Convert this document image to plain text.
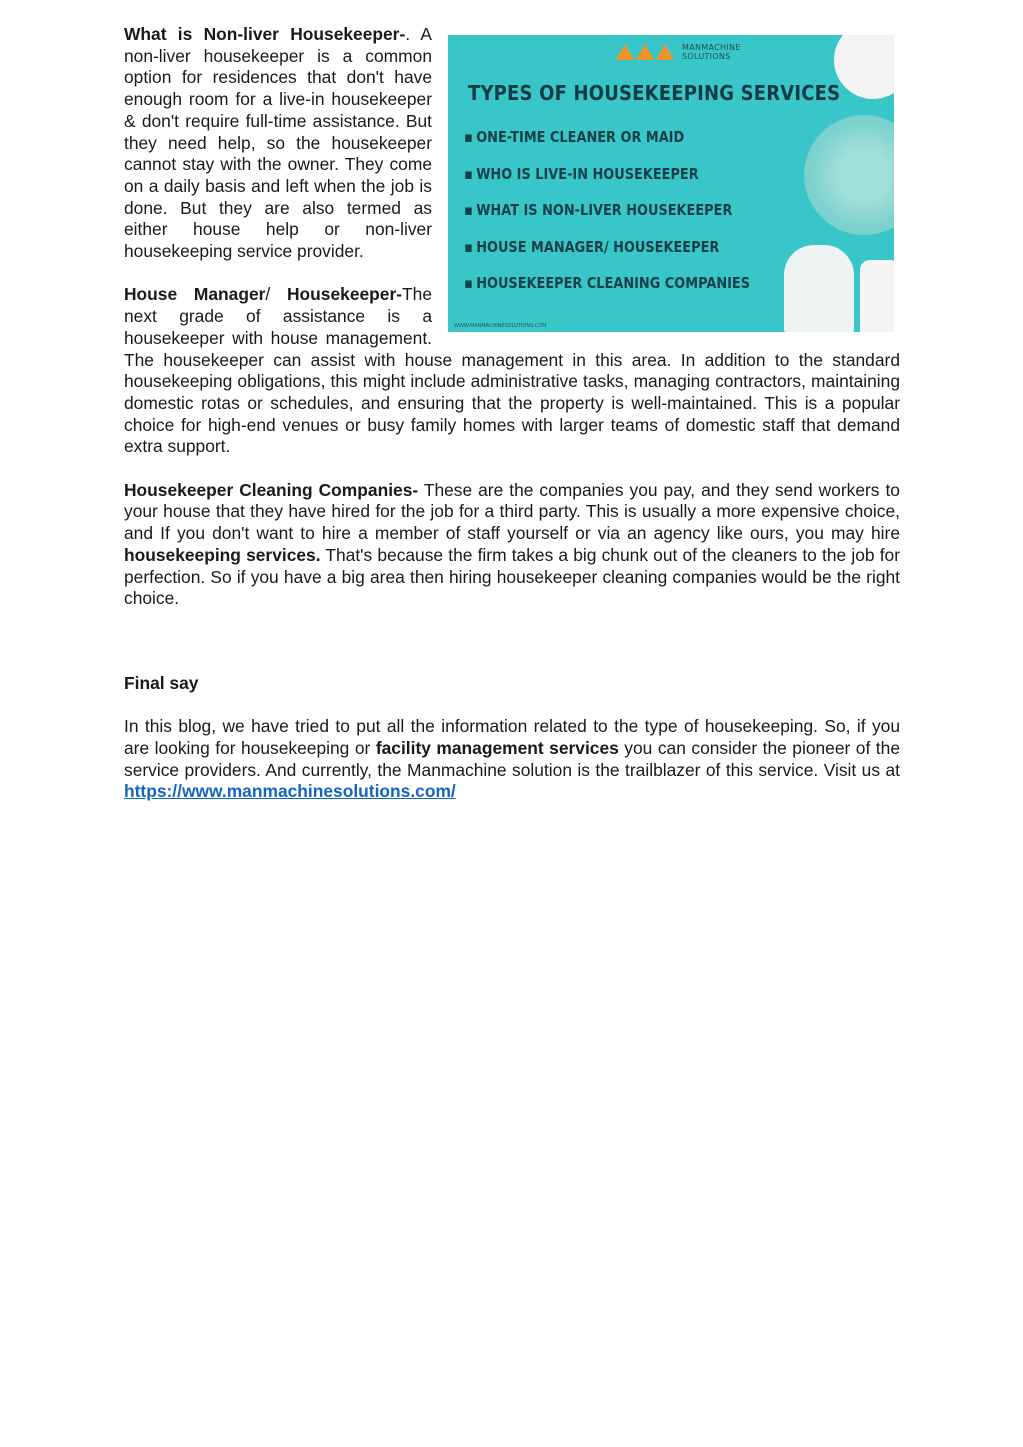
MANMACHINE
SOLUTIONS
TYPES OF HOUSEKEEPING SERVICES
▪ ONE-TIME CLEANER OR MAID
▪ WHO IS LIVE-IN HOUSEKEEPER
▪ WHAT IS NON-LIVER HOUSEKEEPER
▪ HOUSE MANAGER/ HOUSEKEEPER
▪ HOUSEKEEPER CLEANING COMPANIES
WWW.MANMACHINESOLUTIONS.COM

What is Non-liver Housekeeper-. A non-liver housekeeper is a common option for residences that don't have enough room for a live-in housekeeper & don't require full-time assistance. But they need help, so the housekeeper cannot stay with the owner. They come on a daily basis and left when the job is done. But they are also termed as either house help or non-liver housekeeping service provider.

House Manager/ Housekeeper-The next grade of assistance is a housekeeper with house management. The housekeeper can assist with house management in this area. In addition to the standard housekeeping obligations, this might include administrative tasks, managing contractors, maintaining domestic rotas or schedules, and ensuring that the property is well-maintained. This is a popular choice for high-end venues or busy family homes with larger teams of domestic staff that demand extra support.

Housekeeper Cleaning Companies- These are the companies you pay, and they send workers to your house that they have hired for the job for a third party. This is usually a more expensive choice, and If you don't want to hire a member of staff yourself or via an agency like ours, you may hire housekeeping services. That's because the firm takes a big chunk out of the cleaners to the job for perfection. So if you have a big area then hiring housekeeper cleaning companies would be the right choice.

Final say

In this blog, we have tried to put all the information related to the type of housekeeping. So, if you are looking for housekeeping or facility management services you can consider the pioneer of the service providers. And currently, the Manmachine solution is the trailblazer of this service. Visit us at https://www.manmachinesolutions.com/
